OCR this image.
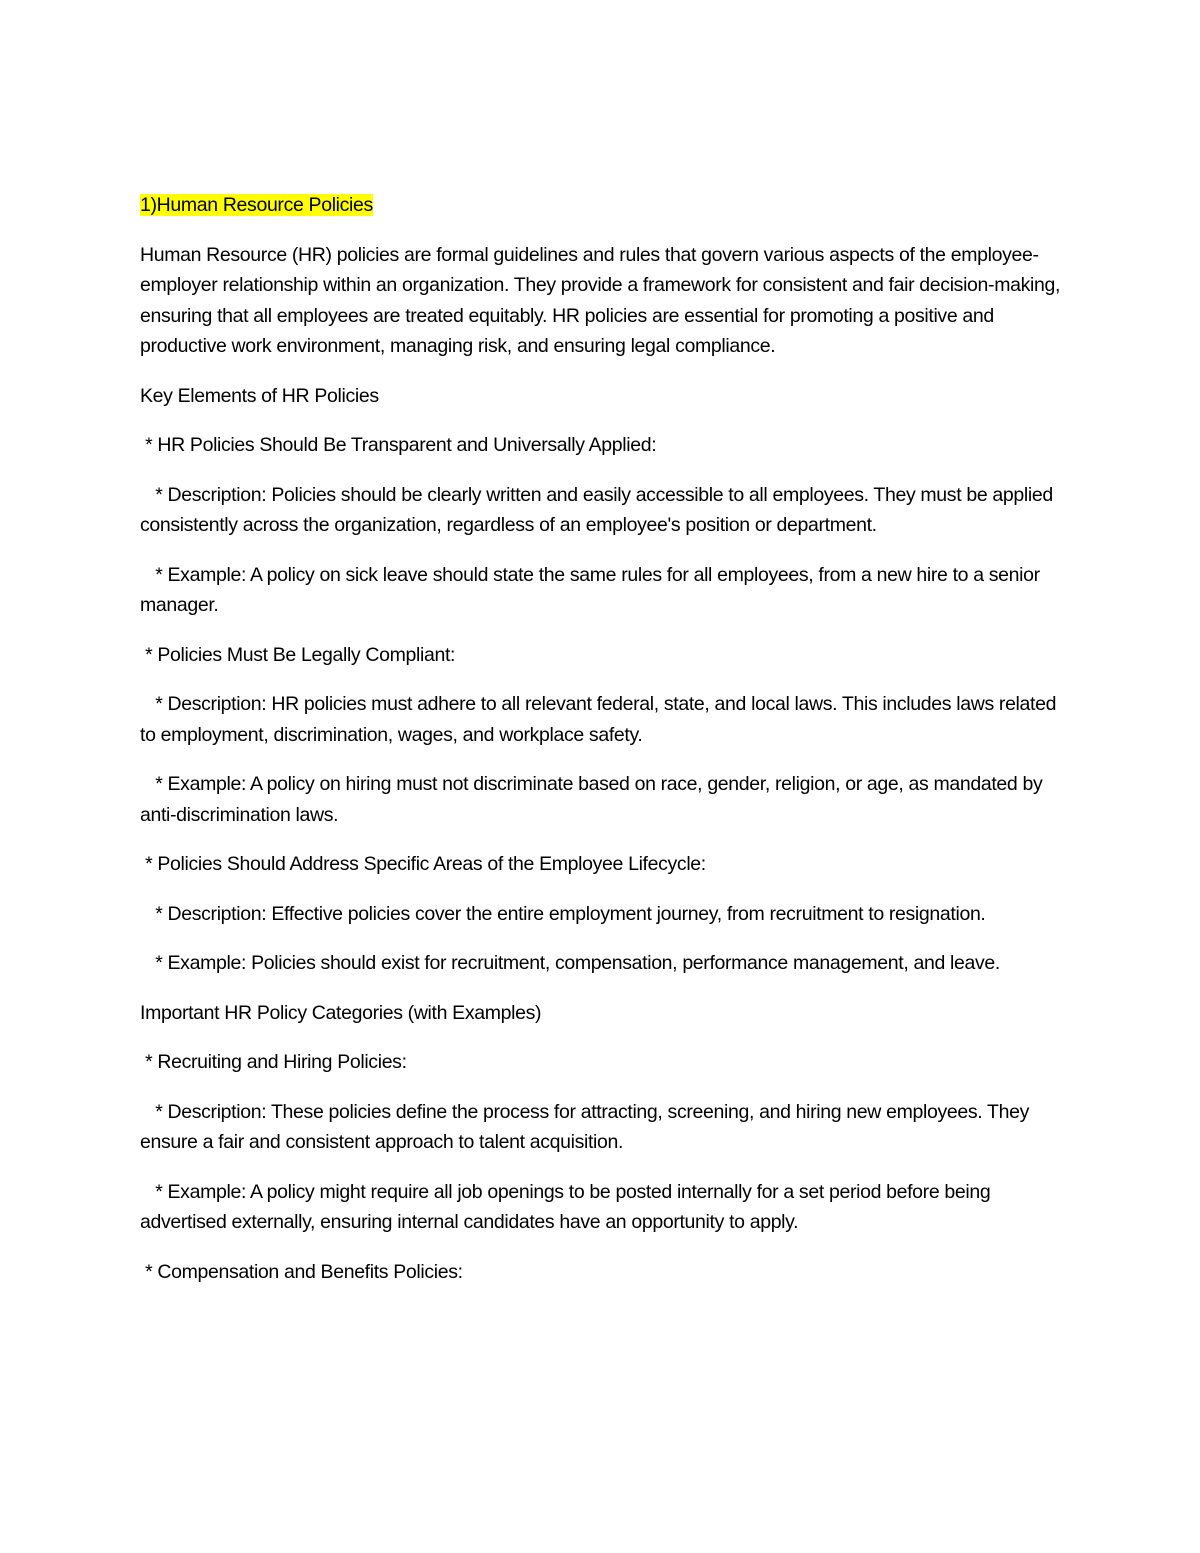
1)Human Resource Policies

Human Resource (HR) policies are formal guidelines and rules that govern various aspects of the employee-employer relationship within an organization. They provide a framework for consistent and fair decision-making, ensuring that all employees are treated equitably. HR policies are essential for promoting a positive and productive work environment, managing risk, and ensuring legal compliance.

Key Elements of HR Policies

* HR Policies Should Be Transparent and Universally Applied:

* Description: Policies should be clearly written and easily accessible to all employees. They must be applied consistently across the organization, regardless of an employee's position or department.

* Example: A policy on sick leave should state the same rules for all employees, from a new hire to a senior manager.

* Policies Must Be Legally Compliant:

* Description: HR policies must adhere to all relevant federal, state, and local laws. This includes laws related to employment, discrimination, wages, and workplace safety.

* Example: A policy on hiring must not discriminate based on race, gender, religion, or age, as mandated by anti-discrimination laws.

* Policies Should Address Specific Areas of the Employee Lifecycle:

* Description: Effective policies cover the entire employment journey, from recruitment to resignation.

* Example: Policies should exist for recruitment, compensation, performance management, and leave.

Important HR Policy Categories (with Examples)

* Recruiting and Hiring Policies:

* Description: These policies define the process for attracting, screening, and hiring new employees. They ensure a fair and consistent approach to talent acquisition.

* Example: A policy might require all job openings to be posted internally for a set period before being advertised externally, ensuring internal candidates have an opportunity to apply.

* Compensation and Benefits Policies:
